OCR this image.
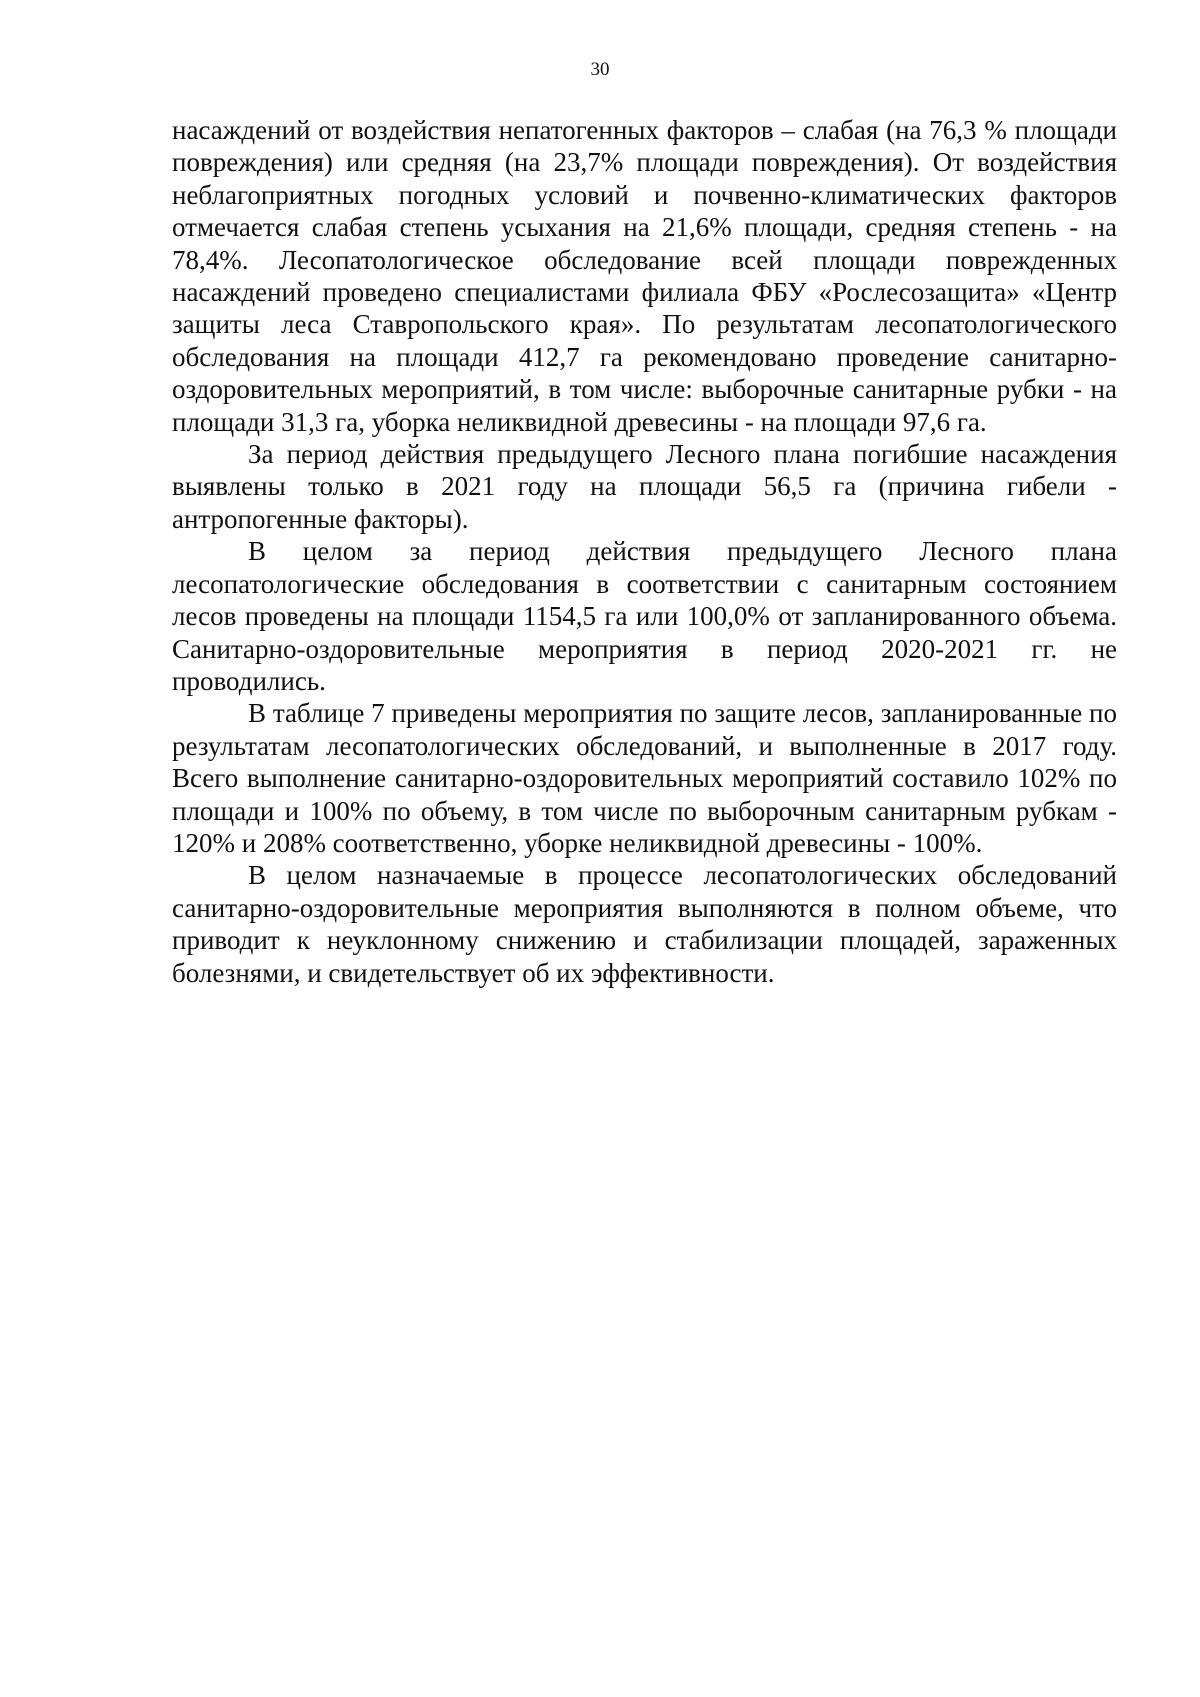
30

насаждений от воздействия непатогенных факторов – слабая (на 76,3 % площади повреждения) или средняя (на 23,7% площади повреждения). От воздействия неблагоприятных погодных условий и почвенно-климатических факторов отмечается слабая степень усыхания на 21,6% площади, средняя степень - на 78,4%. Лесопатологическое обследование всей площади поврежденных насаждений проведено специалистами филиала ФБУ «Рослесозащита» «Центр защиты леса Ставропольского края». По результатам лесопатологического обследования на площади 412,7 га рекомендовано проведение санитарно-оздоровительных мероприятий, в том числе: выборочные санитарные рубки - на площади 31,3 га, уборка неликвидной древесины - на площади 97,6 га.

За период действия предыдущего Лесного плана погибшие насаждения выявлены только в 2021 году на площади 56,5 га (причина гибели - антропогенные факторы).

В целом за период действия предыдущего Лесного плана лесопатологические обследования в соответствии с санитарным состоянием лесов проведены на площади 1154,5 га или 100,0% от запланированного объема. Санитарно-оздоровительные мероприятия в период 2020-2021 гг. не проводились.

В таблице 7 приведены мероприятия по защите лесов, запланированные по результатам лесопатологических обследований, и выполненные в 2017 году. Всего выполнение санитарно-оздоровительных мероприятий составило 102% по площади и 100% по объему, в том числе по выборочным санитарным рубкам - 120% и 208% соответственно, уборке неликвидной древесины - 100%.

В целом назначаемые в процессе лесопатологических обследований санитарно-оздоровительные мероприятия выполняются в полном объеме, что приводит к неуклонному снижению и стабилизации площадей, зараженных болезнями, и свидетельствует об их эффективности.
